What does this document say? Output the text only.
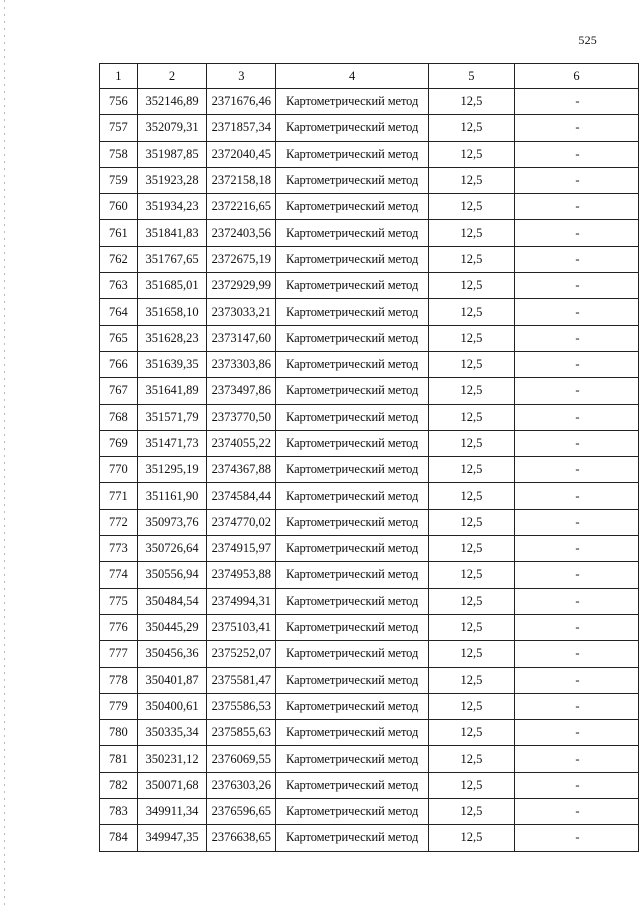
525
1	2	3	4	5	6
756	352146,89	2371676,46	Картометрический метод	12,5	-
757	352079,31	2371857,34	Картометрический метод	12,5	-
758	351987,85	2372040,45	Картометрический метод	12,5	-
759	351923,28	2372158,18	Картометрический метод	12,5	-
760	351934,23	2372216,65	Картометрический метод	12,5	-
761	351841,83	2372403,56	Картометрический метод	12,5	-
762	351767,65	2372675,19	Картометрический метод	12,5	-
763	351685,01	2372929,99	Картометрический метод	12,5	-
764	351658,10	2373033,21	Картометрический метод	12,5	-
765	351628,23	2373147,60	Картометрический метод	12,5	-
766	351639,35	2373303,86	Картометрический метод	12,5	-
767	351641,89	2373497,86	Картометрический метод	12,5	-
768	351571,79	2373770,50	Картометрический метод	12,5	-
769	351471,73	2374055,22	Картометрический метод	12,5	-
770	351295,19	2374367,88	Картометрический метод	12,5	-
771	351161,90	2374584,44	Картометрический метод	12,5	-
772	350973,76	2374770,02	Картометрический метод	12,5	-
773	350726,64	2374915,97	Картометрический метод	12,5	-
774	350556,94	2374953,88	Картометрический метод	12,5	-
775	350484,54	2374994,31	Картометрический метод	12,5	-
776	350445,29	2375103,41	Картометрический метод	12,5	-
777	350456,36	2375252,07	Картометрический метод	12,5	-
778	350401,87	2375581,47	Картометрический метод	12,5	-
779	350400,61	2375586,53	Картометрический метод	12,5	-
780	350335,34	2375855,63	Картометрический метод	12,5	-
781	350231,12	2376069,55	Картометрический метод	12,5	-
782	350071,68	2376303,26	Картометрический метод	12,5	-
783	349911,34	2376596,65	Картометрический метод	12,5	-
784	349947,35	2376638,65	Картометрический метод	12,5	-
